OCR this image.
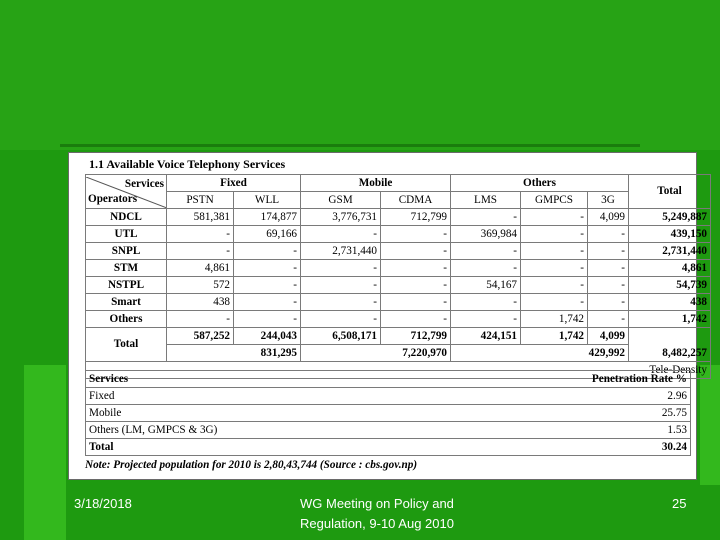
1.1 Available Voice Telephony Services
Services
Operators	Fixed		Mobile		Others			Total
	PSTN	WLL	GSM	CDMA	LMS	GMPCS	3G	
NDCL	581,381	174,877	3,776,731	712,799	-	-	4,099	5,249,887
UTL	-	69,166	-	-	369,984	-	-	439,150
SNPL	-	-	2,731,440	-	-	-	-	2,731,440
STM	4,861	-	-	-	-	-	-	4,861
NSTPL	572	-	-	-	54,167	-	-	54,739
Smart	438	-	-	-	-	-	-	438
Others	-	-	-	-	-	1,742	-	1,742
Total	587,252	244,043	6,508,171	712,799	424,151	1,742	4,099	8,482,257
	831,295		7,220,970		429,992			
Tele-Density								
Services	Penetration Rate %
Fixed	2.96
Mobile	25.75
Others (LM, GMPCS & 3G)	1.53
Total	30.24
Note: Projected population for 2010 is 2,80,43,744 (Source : cbs.gov.np)
3/18/2018	WG Meeting on Policy and
Regulation, 9-10 Aug 2010
25
